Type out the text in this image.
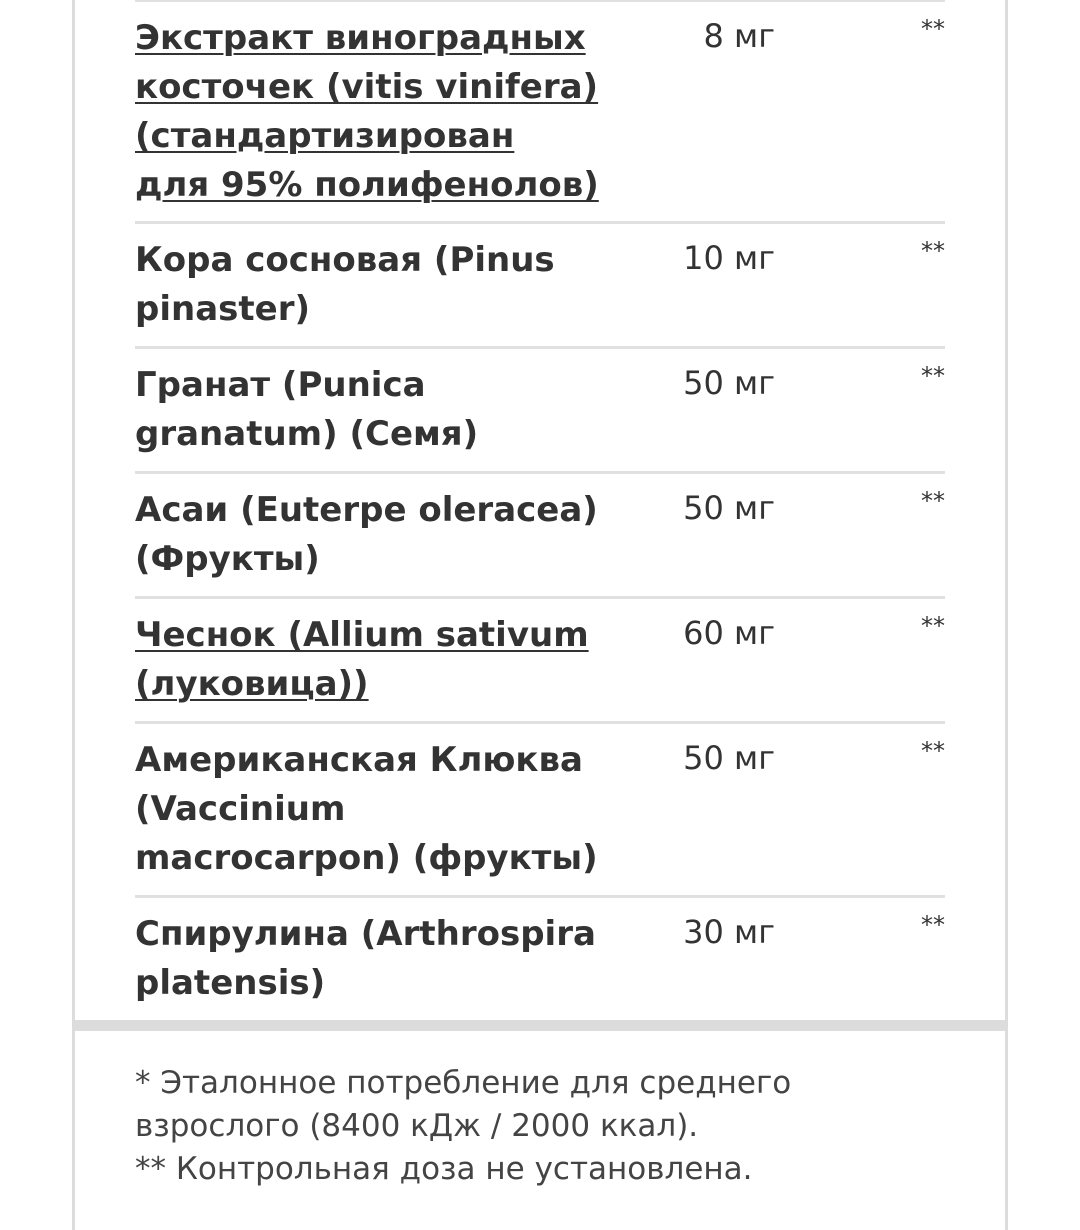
Экстракт виноградных
косточек (vitis vinifera)
(стандартизирован
для 95% полифенолов)
8 мг	**
Кора сосновая (Pinus
pinaster)
10 мг	**
Гранат (Punica
granatum) (Семя)
50 мг	**
Асаи (Euterpe oleracea)
(Фрукты)
50 мг	**
Чеснок (Allium sativum
(луковица))
60 мг	**
Американская Клюква
(Vaccinium
macrocarpon) (фрукты)
50 мг	**
Спирулина (Arthrospira
platensis)
30 мг	**
* Эталонное потребление для среднего
взрослого (8400 кДж / 2000 ккал).
** Контрольная доза не установлена.
